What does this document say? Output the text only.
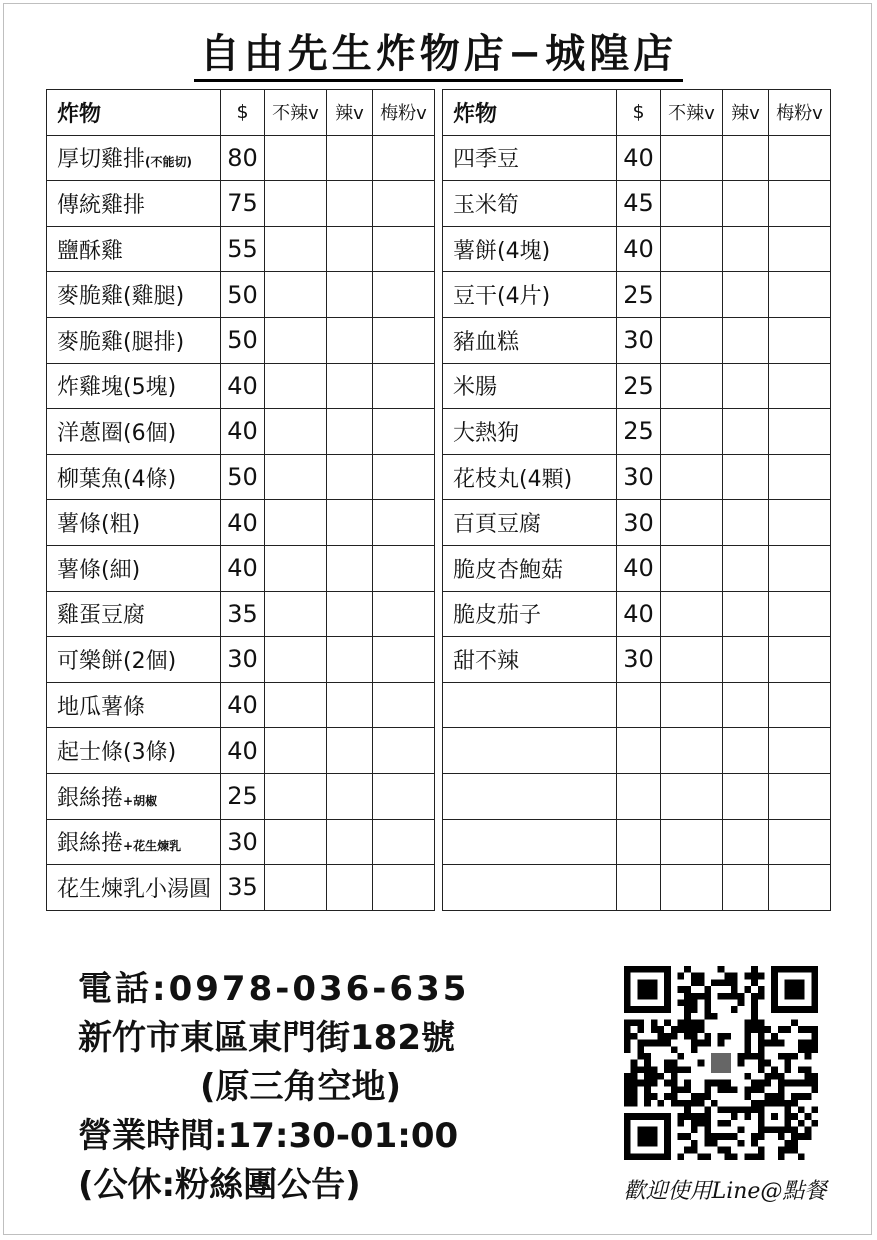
自由先生炸物店−城隍店
炸物	$	不辣v	辣v	梅粉v
厚切雞排(不能切)	80			
傳統雞排	75			
鹽酥雞	55			
麥脆雞(雞腿)	50			
麥脆雞(腿排)	50			
炸雞塊(5塊)	40			
洋蔥圈(6個)	40			
柳葉魚(4條)	50			
薯條(粗)	40			
薯條(細)	40			
雞蛋豆腐	35			
可樂餅(2個)	30			
地瓜薯條	40			
起士條(3條)	40			
銀絲捲+胡椒	25			
銀絲捲+花生煉乳	30			
花生煉乳小湯圓	35			
炸物	$	不辣v	辣v	梅粉v
四季豆	40			
玉米筍	45			
薯餅(4塊)	40			
豆干(4片)	25			
豬血糕	30			
米腸	25			
大熱狗	25			
花枝丸(4顆)	30			
百頁豆腐	30			
脆皮杏鮑菇	40			
脆皮茄子	40			
甜不辣	30			

電話:0978-036-635
新竹市東區東門街182號
(原三角空地)
營業時間:17:30-01:00
(公休:粉絲團公告)	歡迎使用Line@點餐
